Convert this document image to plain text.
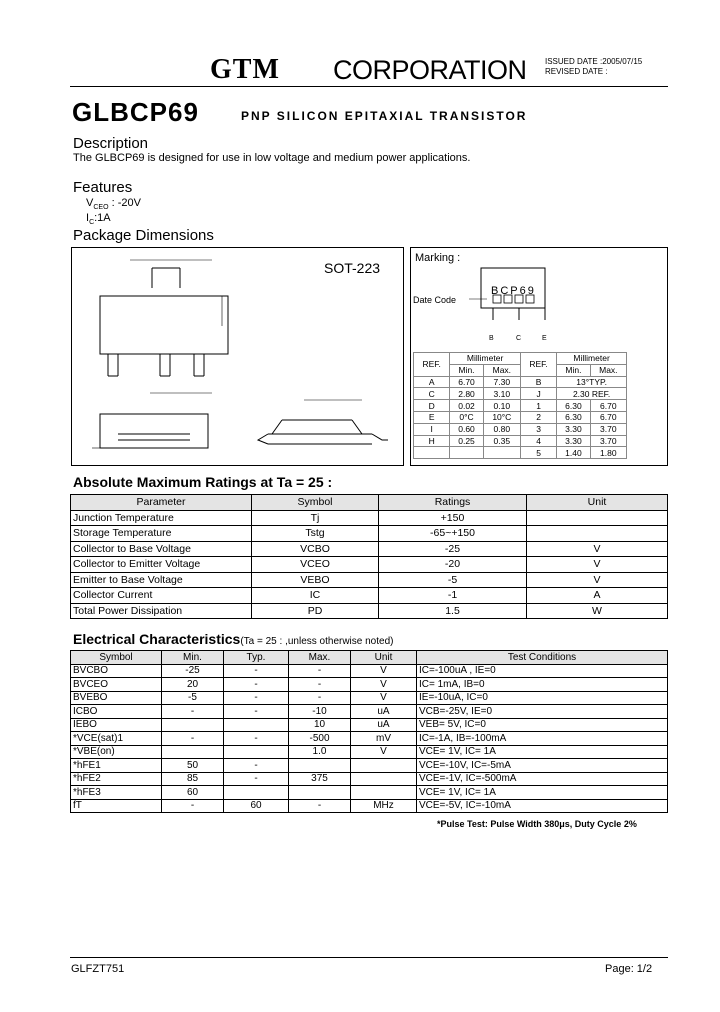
GTM CORPORATION ISSUED DATE :2005/07/15
REVISED DATE :
GLBCP69	PNP SILICON EPITAXIAL TRANSISTOR
Description
The GLBCP69 is designed for use in low voltage and medium power applications.
Features
$V_{CEO}$ : -20V
$I_C:1A$
Package Dimensions
SOT-223
Marking :
Date Code
BCP69
B	C	E
REF.	Millimeter		REF.	Millimeter	
	Min.	Max.		Min.	Max.
A	6.70	7.30	B	13°TYP.	
C	2.80	3.10	J	2.30 REF.	
D	0.02	0.10	1	6.30	6.70
E	0°C	10°C	2	6.30	6.70
I	0.60	0.80	3	3.30	3.70
H	0.25	0.35	4	3.30	3.70
			5	1.40	1.80
Absolute Maximum Ratings at Ta = 25 :
Parameter	Symbol	Ratings	Unit
Junction Temperature	Tj	+150	
Storage Temperature	Tstg	-65~+150	
Collector to Base Voltage	VCBO	-25	V
Collector to Emitter Voltage	VCEO	-20	V
Emitter to Base Voltage	VEBO	-5	V
Collector Current	IC	-1	A
Total Power Dissipation	PD	1.5	W
Electrical Characteristics(Ta = 25 : ,unless otherwise noted)
Symbol	Min.	Typ.	Max.	Unit	Test Conditions
BVCBO	-25	-	-	V	IC=-100uA , IE=0
BVCEO	20	-	-	V	IC= 1mA, IB=0
BVEBO	-5	-	-	V	IE=-10uA, IC=0
ICBO	-	-	-10	uA	VCB=-25V, IE=0
IEBO			10	uA	VEB= 5V, IC=0
*VCE(sat)1	-	-	-500	mV	IC=-1A, IB=-100mA
*VBE(on)			1.0	V	VCE= 1V, IC= 1A
*hFE1	50	-			VCE=-10V, IC=-5mA
*hFE2	85	-	375		VCE=-1V, IC=-500mA
*hFE3	60				VCE= 1V, IC= 1A
fT	-	60	-	MHz	VCE=-5V, IC=-10mA
*Pulse Test: Pulse Width 380μs, Duty Cycle 2%
GLFZT751	Page: 1/2
